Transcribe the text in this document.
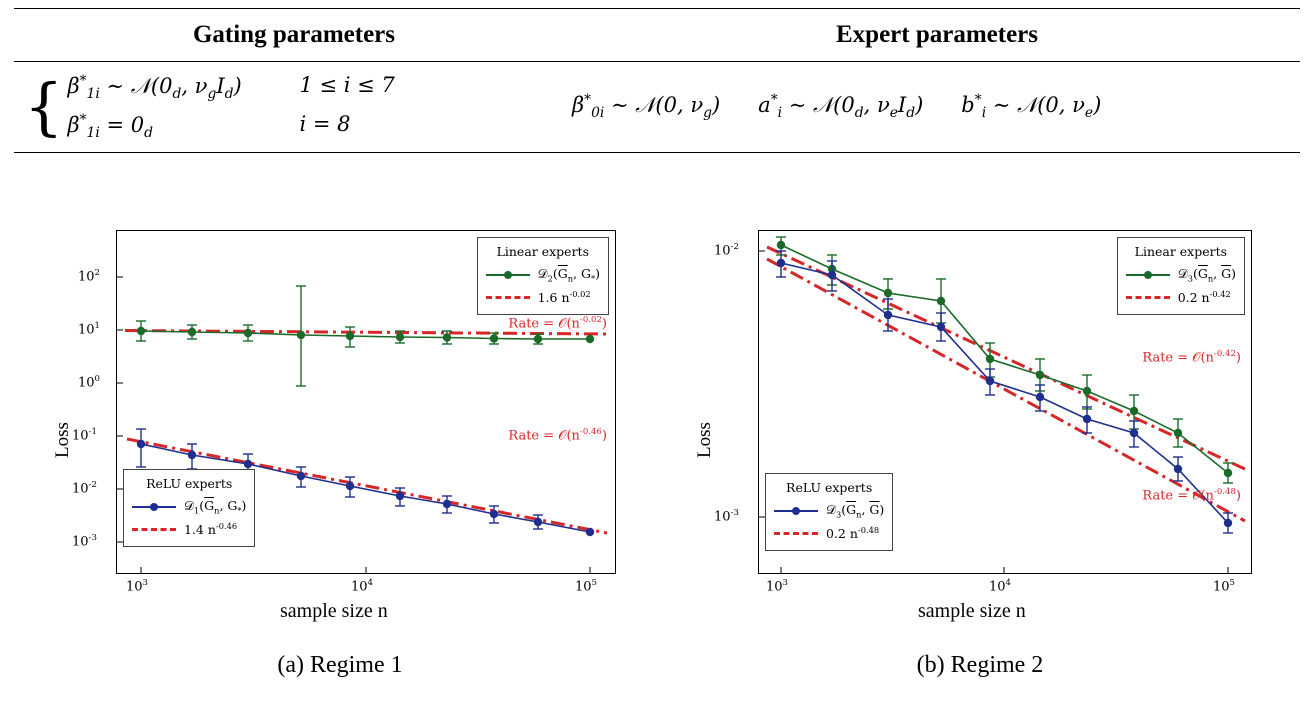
Gating parameters	Expert parameters
{ $\beta^*_{1i}$ ∼ $𝒩(0_d$, $\nu_gI_d$)	1 ≤ i ≤ 7
$\beta^*_{1i} = 0_d$	i = 8
$\beta^*_{0i}$ ∼ 𝒩(0, $\nu_g$) $a^*_i$ ∼ $𝒩(0_d$, $\nu_eI_d$) $b^*_i$ ∼ 𝒩(0, $\nu_e$)
Loss
Rate = $𝒪(n^{-0.02})$
Rate = $𝒪(n^{-0.46})$
Linear experts
$𝒟_2(\overline{G}_n$, $G_*$)
1.6 $n^{-0.02}$
ReLU experts
$𝒟_1(\overline{G}_n$, $G_*$)
1.4 $n^{-0.46}$
$10^2$
$10^1$
$10^0$
$10^{-1}$
$10^{-2}$
$10^{-3}$
$10^3$	$10^4$	$10^5$
sample size n
Loss
Rate = $𝒪(n^{-0.42})$
Rate = $𝒪(n^{-0.48})$
Linear experts
$𝒟_3(\overline{G}_n$, $\overline{G}$)
0.2 $n^{-0.42}$
ReLU experts
$𝒟_3(\overline{G}_n$, $\overline{G}$)
0.2 $n^{-0.48}$
$10^{-2}$
$10^{-3}$
$10^3$	$10^4$	$10^5$
sample size n
(a) Regime 1	(b) Regime 2
